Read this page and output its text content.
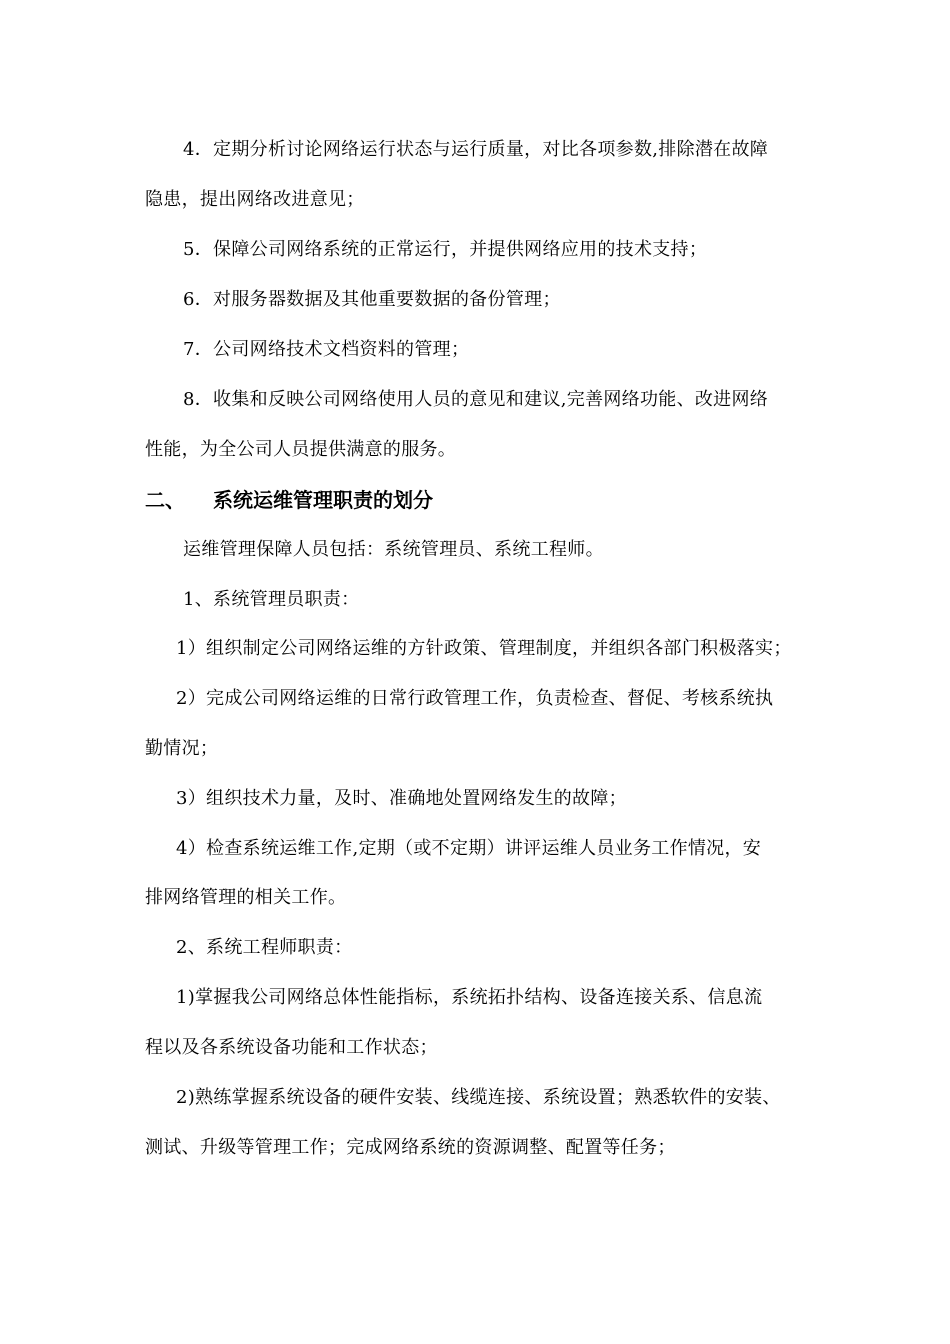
4．定期分析讨论网络运行状态与运行质量，对比各项参数,排除潜在故障
隐患，提出网络改进意见；
5．保障公司网络系统的正常运行，并提供网络应用的技术支持；
6．对服务器数据及其他重要数据的备份管理；
7．公司网络技术文档资料的管理；
8．收集和反映公司网络使用人员的意见和建议,完善网络功能、改进网络
性能，为全公司人员提供满意的服务。
二、 系统运维管理职责的划分
运维管理保障人员包括：系统管理员、系统工程师。
1、系统管理员职责：
1）组织制定公司网络运维的方针政策、管理制度，并组织各部门积极落实；
2）完成公司网络运维的日常行政管理工作，负责检查、督促、考核系统执
勤情况；
3）组织技术力量，及时、准确地处置网络发生的故障；
4）检查系统运维工作,定期（或不定期）讲评运维人员业务工作情况，安
排网络管理的相关工作。
2、系统工程师职责：
1)掌握我公司网络总体性能指标，系统拓扑结构、设备连接关系、信息流
程以及各系统设备功能和工作状态；
2)熟练掌握系统设备的硬件安装、线缆连接、系统设置；熟悉软件的安装、
测试、升级等管理工作；完成网络系统的资源调整、配置等任务；
